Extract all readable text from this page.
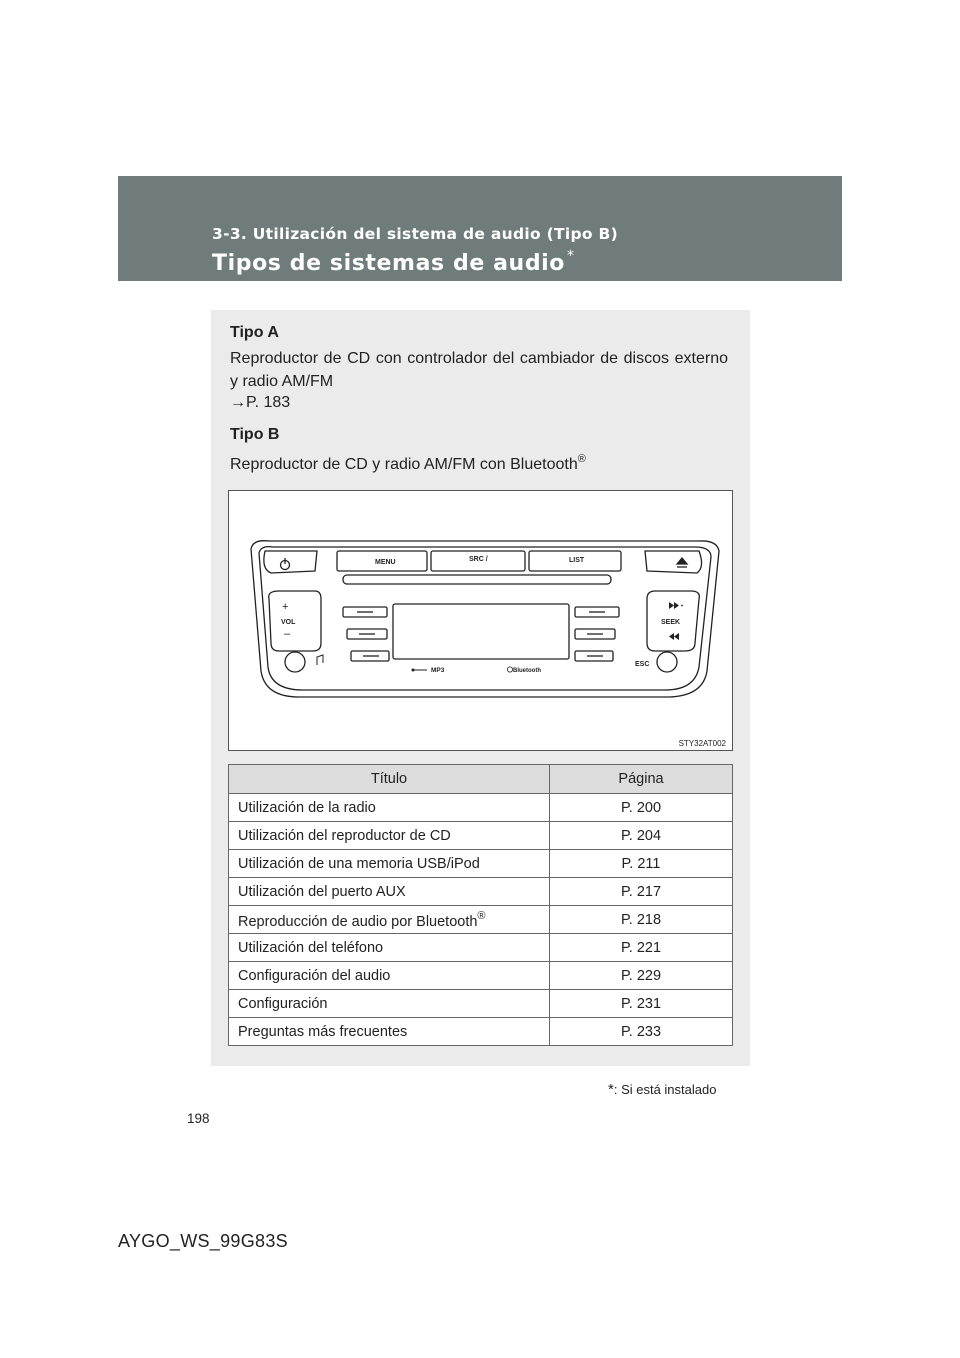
3-3. Utilización del sistema de audio (Tipo B)
Tipos de sistemas de audio *
Tipo A
Reproductor de CD con controlador del cambiador de discos externo y radio AM/FM
→P. 183
Tipo B
Reproductor de CD y radio AM/FM con Bluetooth®
MENU	SRC /	LIST
VOL
+
–
SEEK
ESC
MP3	Bluetooth
STY32AT002
Título	Página
Utilización de la radio	P. 200
Utilización del reproductor de CD	P. 204
Utilización de una memoria USB/iPod	P. 211
Utilización del puerto AUX	P. 217
Reproducción de audio por Bluetooth®	P. 218
Utilización del teléfono	P. 221
Configuración del audio	P. 229
Configuración	P. 231
Preguntas más frecuentes	P. 233
*: Si está instalado
198
AYGO_WS_99G83S
